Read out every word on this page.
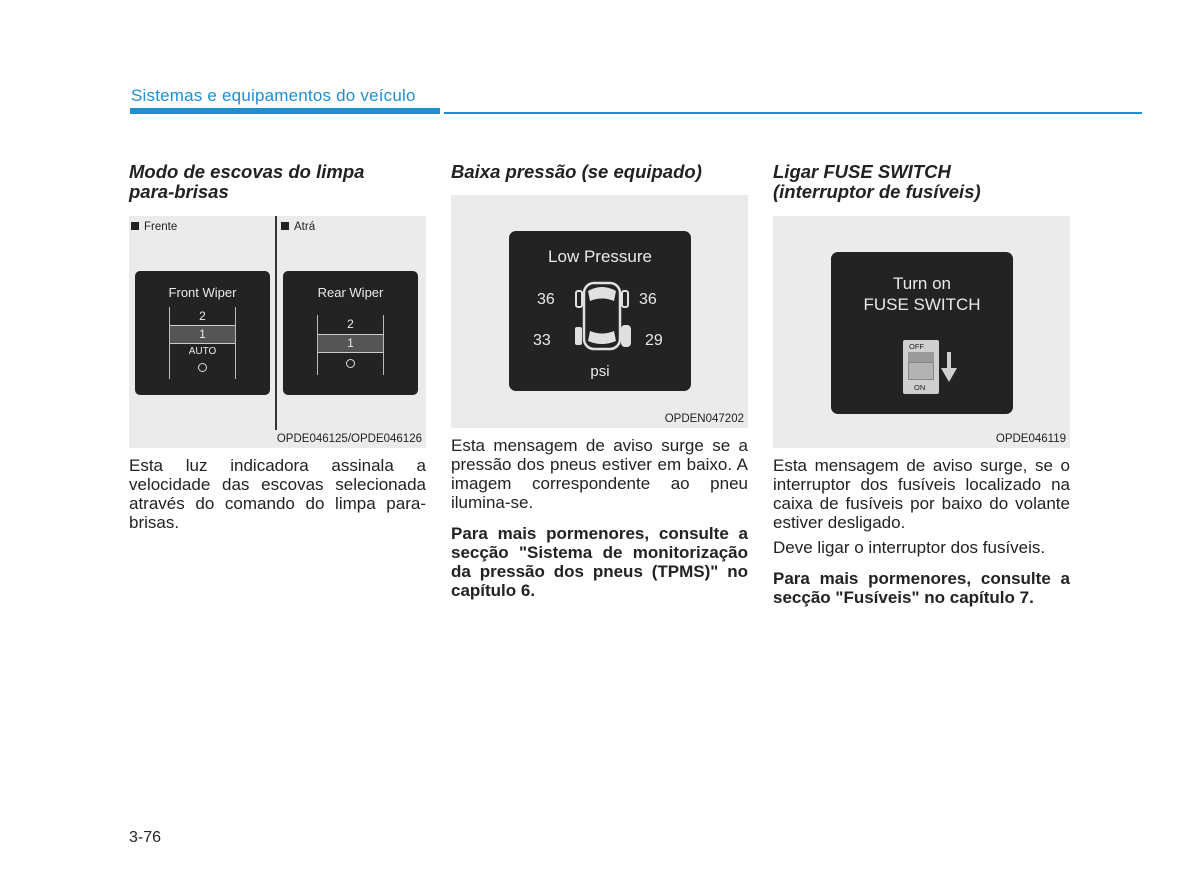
Sistemas e equipamentos do veículo
Modo de escovas do limpa
para-brisas
Frente	Atrá
Front Wiper
2
1
AUTO
Rear Wiper
2
1
OPDE046125/OPDE046126

Esta luz indicadora assinala a velocidade das escovas selecionada através do comando do limpa para-brisas.

Baixa pressão (se equipado)
Low Pressure
36	36
33	29
psi
OPDEN047202

Esta mensagem de aviso surge se a pressão dos pneus estiver em baixo. A imagem correspondente ao pneu ilumina-se.

Para mais pormenores, consulte a secção "Sistema de monitorização da pressão dos pneus (TPMS)" no capítulo 6.

Ligar FUSE SWITCH
(interruptor de fusíveis)
Turn on
FUSE SWITCH
OFF
ON
OPDE046119

Esta mensagem de aviso surge, se o interruptor dos fusíveis localizado na caixa de fusíveis por baixo do volante estiver desligado.

Deve ligar o interruptor dos fusíveis.

Para mais pormenores, consulte a secção "Fusíveis" no capítulo 7.

3-76
